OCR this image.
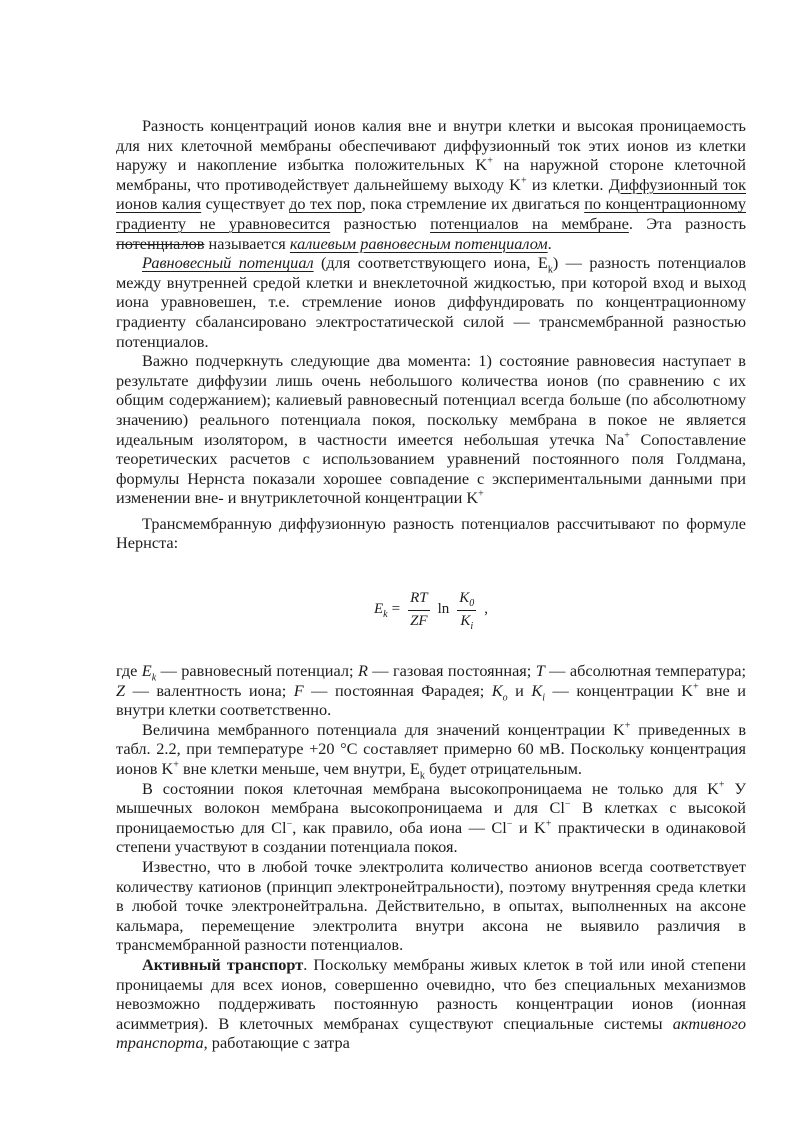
Разность концентраций ионов калия вне и внутри клетки и высокая проницаемость для них клеточной мембраны обеспечивают диффузионный ток этих ионов из клетки наружу и накопление избытка положительных K+ на наружной стороне клеточной мембраны, что противодействует дальнейшему выходу K+ из клетки. Диффузионный ток ионов калия существует до тех пор, пока стремление их двигаться по концентрационному градиенту не уравновесится разностью потенциалов на мембране. Эта разность потенциалов называется калиевым равновесным потенциалом.

Равновесный потенциал (для соответствующего иона, $E_k$) — разность потенциалов между внутренней средой клетки и внеклеточной жидкостью, при которой вход и выход иона уравновешен, т.е. стремление ионов диффундировать по концентрационному градиенту сбалансировано электростатической силой — трансмембранной разностью потенциалов.

Важно подчеркнуть следующие два момента: 1) состояние равновесия наступает в результате диффузии лишь очень небольшого количества ионов (по сравнению с их общим содержанием); калиевый равновесный потенциал всегда больше (по абсолютному значению) реального потенциала покоя, поскольку мембрана в покое не является идеальным изолятором, в частности имеется небольшая утечка Na+ Сопоставление теоретических расчетов с использованием уравнений постоянного поля Голдмана, формулы Нернста показали хорошее совпадение с экспериментальными данными при изменении вне- и внутриклеточной концентрации K+

Трансмембранную диффузионную разность потенциалов рассчитывают по формуле Нернста:

$E_k = \frac{RT}{ZF}$ $\ln \frac{K_0}{K_i}$ ,

где $E_k$ — равновесный потенциал; R — газовая постоянная; T — абсолютная температура; Z — валентность иона; F — постоянная Фарадея; $K_o$ и $K_i$ — концентрации K+ вне и внутри клетки соответственно.

Величина мембранного потенциала для значений концентрации K+ приведенных в табл. 2.2, при температуре +20 °С составляет примерно 60 мВ. Поскольку концентрация ионов K+ вне клетки меньше, чем внутри, $E_k$ будет отрицательным.

В состоянии покоя клеточная мембрана высокопроницаема не только для K+ У мышечных волокон мембрана высокопроницаема и для Cl− В клетках с высокой проницаемостью для Cl−, как правило, оба иона — Cl− и K+ практически в одинаковой степени участвуют в создании потенциала покоя.

Известно, что в любой точке электролита количество анионов всегда соответствует количеству катионов (принцип электронейтральности), поэтому внутренняя среда клетки в любой точке электронейтральна. Действительно, в опытах, выполненных на аксоне кальмара, перемещение электролита внутри аксона не выявило различия в трансмембранной разности потенциалов.

Активный транспорт. Поскольку мембраны живых клеток в той или иной степени проницаемы для всех ионов, совершенно очевидно, что без специальных механизмов невозможно поддерживать постоянную разность концентрации ионов (ионная асимметрия). В клеточных мембранах существуют специальные системы активного транспорта, работающие с затра
